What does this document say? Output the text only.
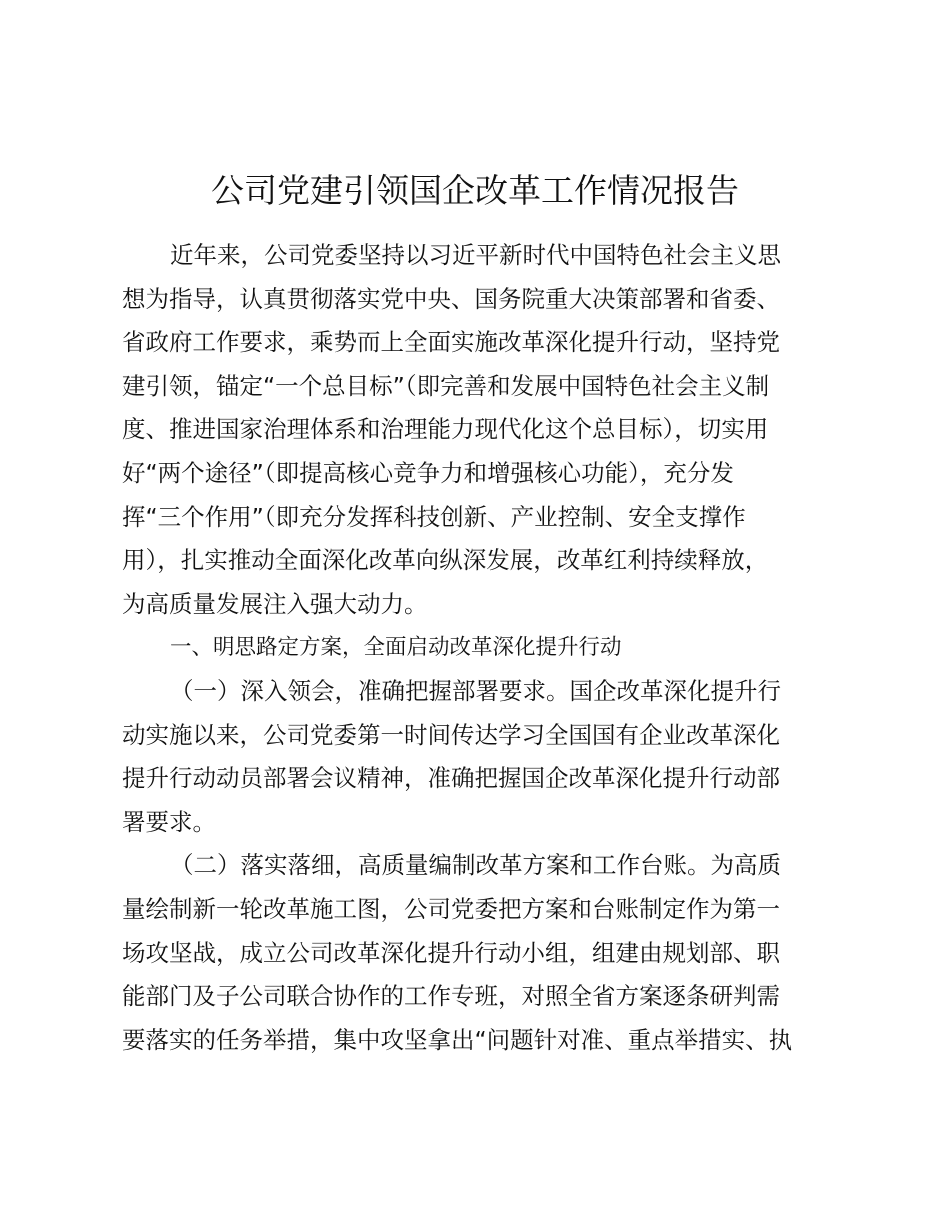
公司党建引领国企改革工作情况报告
近年来，公司党委坚持以习近平新时代中国特色社会主义思
想为指导，认真贯彻落实党中央、国务院重大决策部署和省委、
省政府工作要求，乘势而上全面实施改革深化提升行动，坚持党
建引领，锚定“一个总目标”（即完善和发展中国特色社会主义制
度、推进国家治理体系和治理能力现代化这个总目标），切实用
好“两个途径”（即提高核心竞争力和增强核心功能），充分发
挥“三个作用”（即充分发挥科技创新、产业控制、安全支撑作
用），扎实推动全面深化改革向纵深发展，改革红利持续释放，
为高质量发展注入强大动力。
一、明思路定方案，全面启动改革深化提升行动
（一）深入领会，准确把握部署要求。国企改革深化提升行
动实施以来，公司党委第一时间传达学习全国国有企业改革深化
提升行动动员部署会议精神，准确把握国企改革深化提升行动部
署要求。
（二）落实落细，高质量编制改革方案和工作台账。为高质
量绘制新一轮改革施工图，公司党委把方案和台账制定作为第一
场攻坚战，成立公司改革深化提升行动小组，组建由规划部、职
能部门及子公司联合协作的工作专班，对照全省方案逐条研判需
要落实的任务举措，集中攻坚拿出“问题针对准、重点举措实、执
